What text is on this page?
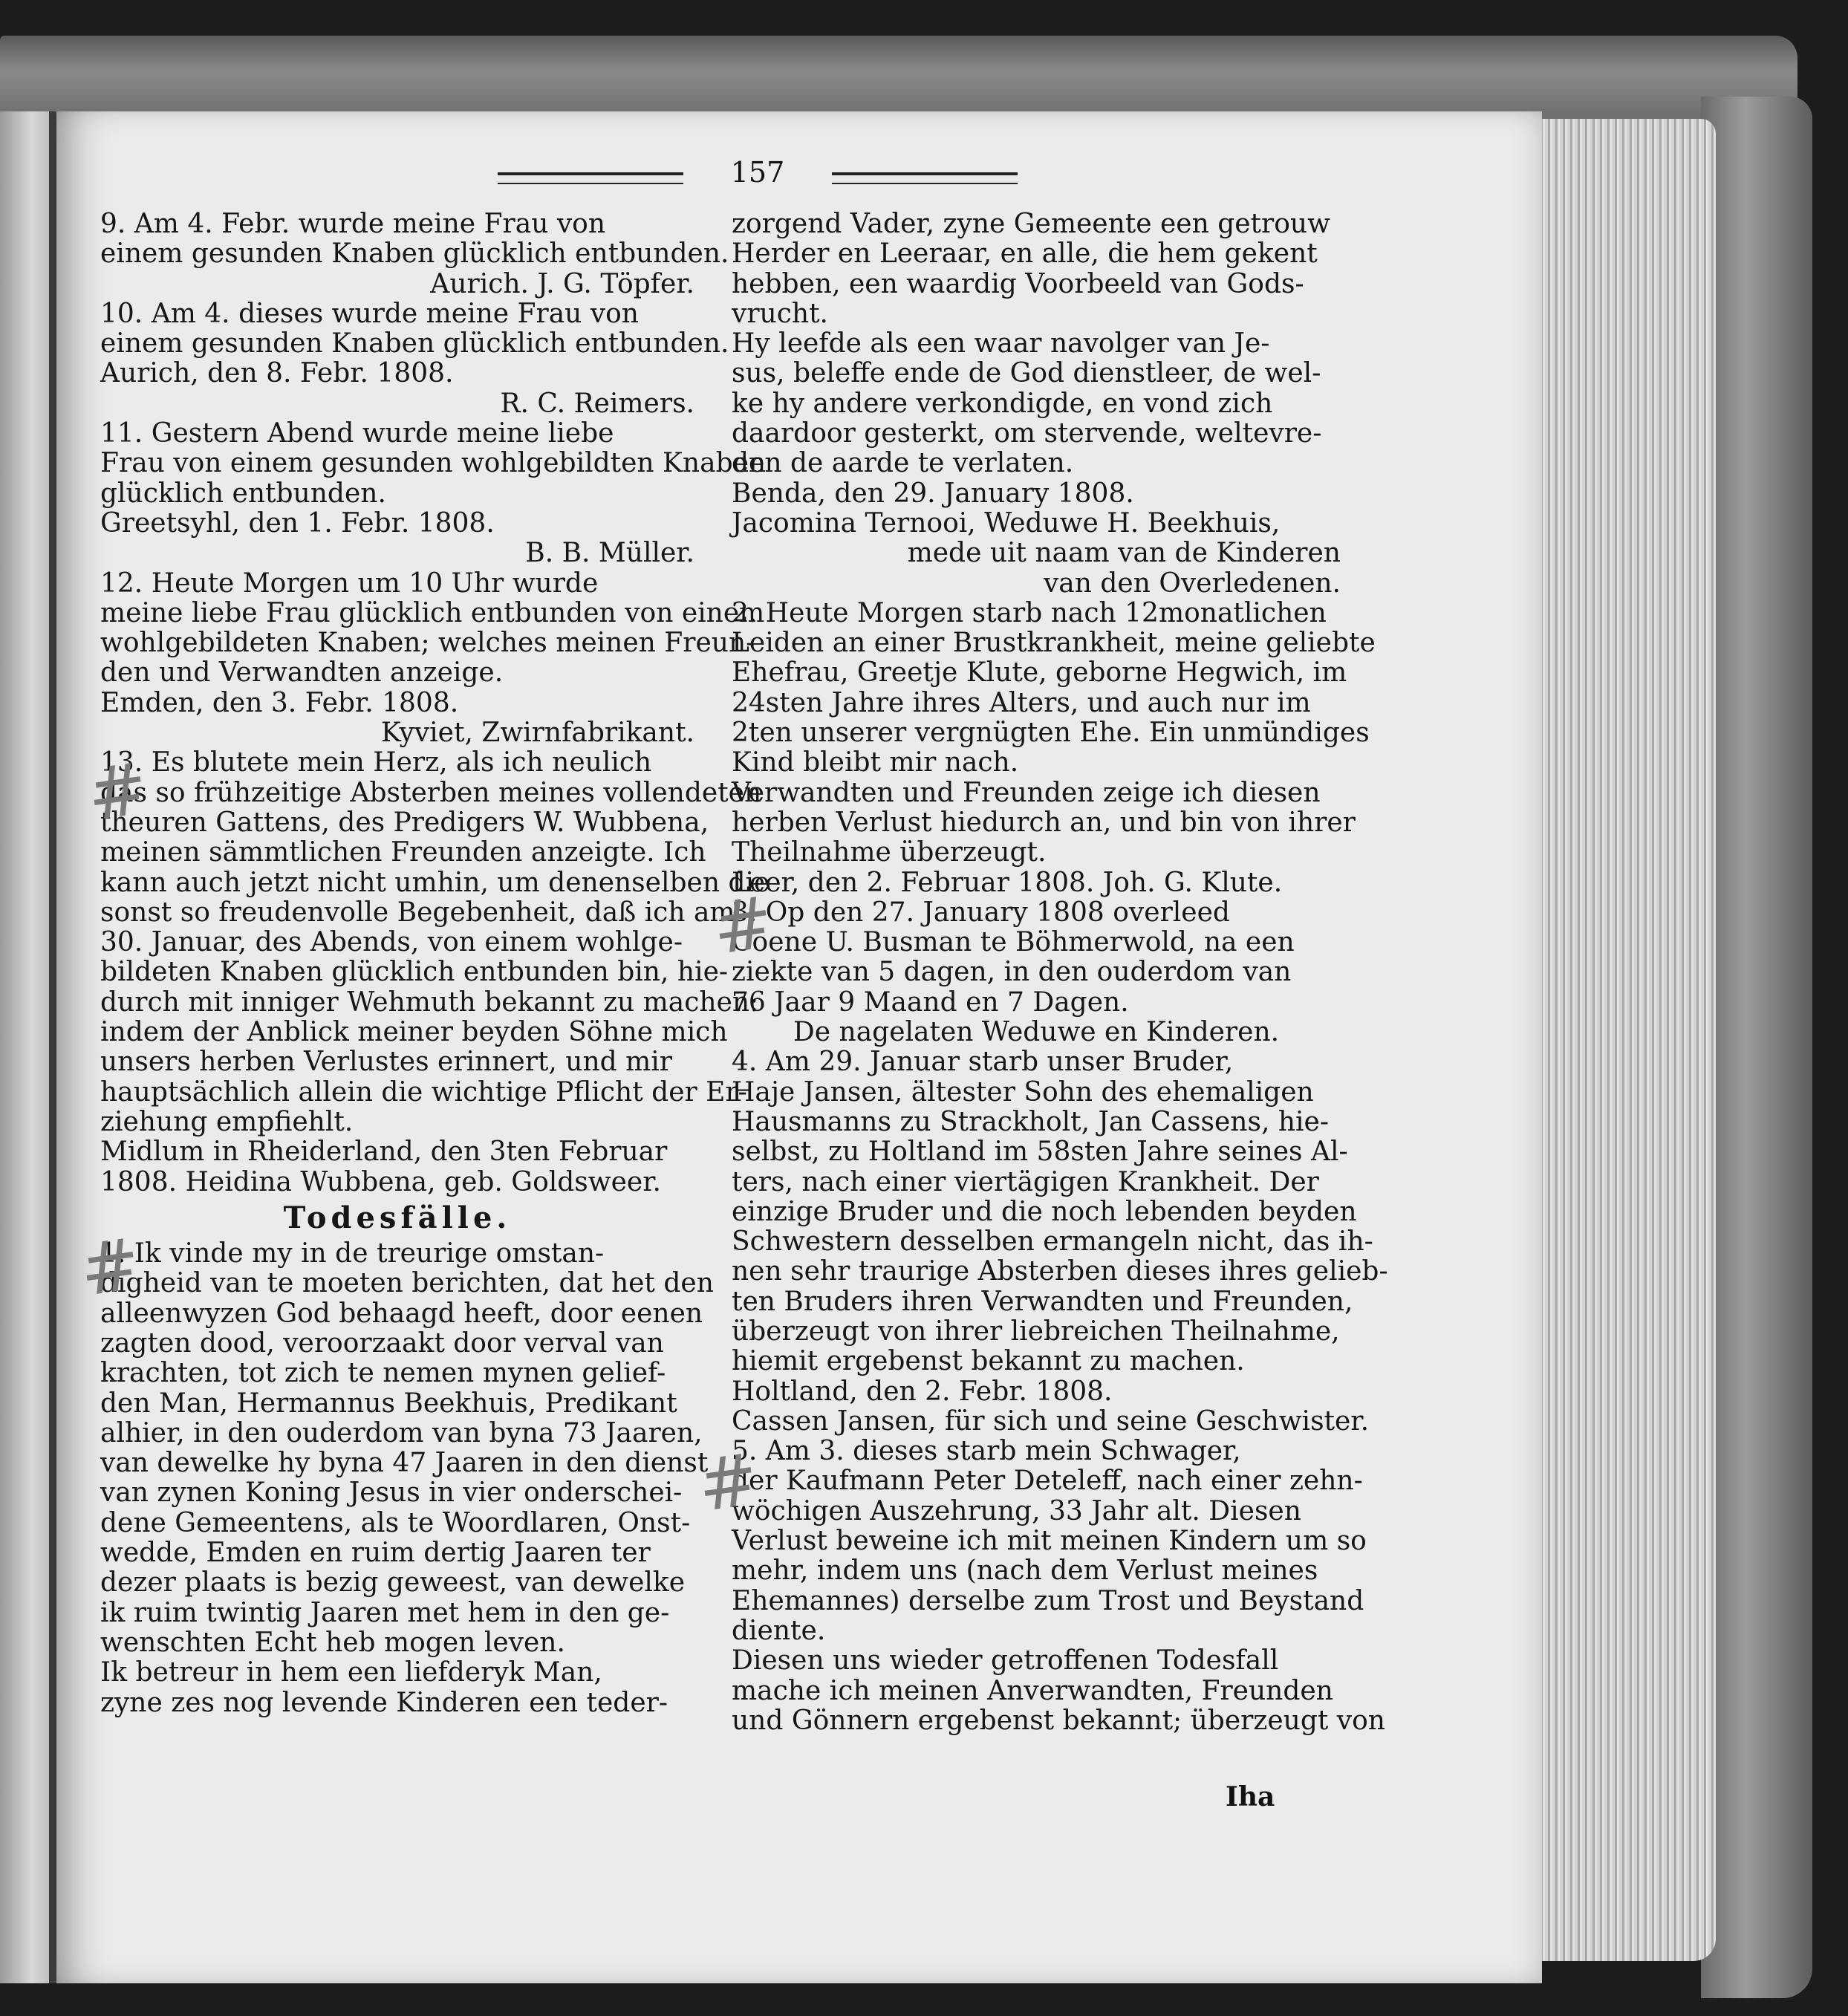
157
9. Am 4. Febr. wurde meine Frau von
einem gesunden Knaben glücklich entbunden.
Aurich. J. G. Töpfer.
10. Am 4. dieses wurde meine Frau von
einem gesunden Knaben glücklich entbunden.
Aurich, den 8. Febr. 1808.
R. C. Reimers.
11. Gestern Abend wurde meine liebe
Frau von einem gesunden wohlgebildten Knaben
glücklich entbunden.
Greetsyhl, den 1. Febr. 1808.
B. B. Müller.
12. Heute Morgen um 10 Uhr wurde
meine liebe Frau glücklich entbunden von einem
wohlgebildeten Knaben; welches meinen Freun-
den und Verwandten anzeige.
Emden, den 3. Febr. 1808.
Kyviet, Zwirnfabrikant.
13. Es blutete mein Herz, als ich neulich
das so frühzeitige Absterben meines vollendeten
theuren Gattens, des Predigers W. Wubbena,
meinen sämmtlichen Freunden anzeigte. Ich
kann auch jetzt nicht umhin, um denenselben die
sonst so freudenvolle Begebenheit, daß ich am
30. Januar, des Abends, von einem wohlge-
bildeten Knaben glücklich entbunden bin, hie-
durch mit inniger Wehmuth bekannt zu machen:
indem der Anblick meiner beyden Söhne mich
unsers herben Verlustes erinnert, und mir
hauptsächlich allein die wichtige Pflicht der Er-
ziehung empfiehlt.
Midlum in Rheiderland, den 3ten Februar
1808. Heidina Wubbena, geb. Goldsweer.
Todesfälle.
1. Ik vinde my in de treurige omstan-
digheid van te moeten berichten, dat het den
alleenwyzen God behaagd heeft, door eenen
zagten dood, veroorzaakt door verval van
krachten, tot zich te nemen mynen gelief-
den Man, Hermannus Beekhuis, Predikant
alhier, in den ouderdom van byna 73 Jaaren,
van dewelke hy byna 47 Jaaren in den dienst
van zynen Koning Jesus in vier onderschei-
dene Gemeentens, als te Woordlaren, Onst-
wedde, Emden en ruim dertig Jaaren ter
dezer plaats is bezig geweest, van dewelke
ik ruim twintig Jaaren met hem in den ge-
wenschten Echt heb mogen leven.
Ik betreur in hem een liefderyk Man,
zyne zes nog levende Kinderen een teder-
zorgend Vader, zyne Gemeente een getrouw
Herder en Leeraar, en alle, die hem gekent
hebben, een waardig Voorbeeld van Gods-
vrucht.
Hy leefde als een waar navolger van Je-
sus, beleffe ende de God dienstleer, de wel-
ke hy andere verkondigde, en vond zich
daardoor gesterkt, om stervende, weltevre-
den de aarde te verlaten.
Benda, den 29. January 1808.
Jacomina Ternooi, Weduwe H. Beekhuis,
mede uit naam van de Kinderen
van den Overledenen.
2. Heute Morgen starb nach 12monatlichen
Leiden an einer Brustkrankheit, meine geliebte
Ehefrau, Greetje Klute, geborne Hegwich, im
24sten Jahre ihres Alters, und auch nur im
2ten unserer vergnügten Ehe. Ein unmündiges
Kind bleibt mir nach.
Verwandten und Freunden zeige ich diesen
herben Verlust hiedurch an, und bin von ihrer
Theilnahme überzeugt.
Leer, den 2. Februar 1808. Joh. G. Klute.
3. Op den 27. January 1808 overleed
Coene U. Busman te Böhmerwold, na een
ziekte van 5 dagen, in den ouderdom van
76 Jaar 9 Maand en 7 Dagen.
De nagelaten Weduwe en Kinderen.
4. Am 29. Januar starb unser Bruder,
Haje Jansen, ältester Sohn des ehemaligen
Hausmanns zu Strackholt, Jan Cassens, hie-
selbst, zu Holtland im 58sten Jahre seines Al-
ters, nach einer viertägigen Krankheit. Der
einzige Bruder und die noch lebenden beyden
Schwestern desselben ermangeln nicht, das ih-
nen sehr traurige Absterben dieses ihres gelieb-
ten Bruders ihren Verwandten und Freunden,
überzeugt von ihrer liebreichen Theilnahme,
hiemit ergebenst bekannt zu machen.
Holtland, den 2. Febr. 1808.
Cassen Jansen, für sich und seine Geschwister.
5. Am 3. dieses starb mein Schwager,
der Kaufmann Peter Deteleff, nach einer zehn-
wöchigen Auszehrung, 33 Jahr alt. Diesen
Verlust beweine ich mit meinen Kindern um so
mehr, indem uns (nach dem Verlust meines
Ehemannes) derselbe zum Trost und Beystand
diente.
Diesen uns wieder getroffenen Todesfall
mache ich meinen Anverwandten, Freunden
und Gönnern ergebenst bekannt; überzeugt von
#
#
#
#
Iha
